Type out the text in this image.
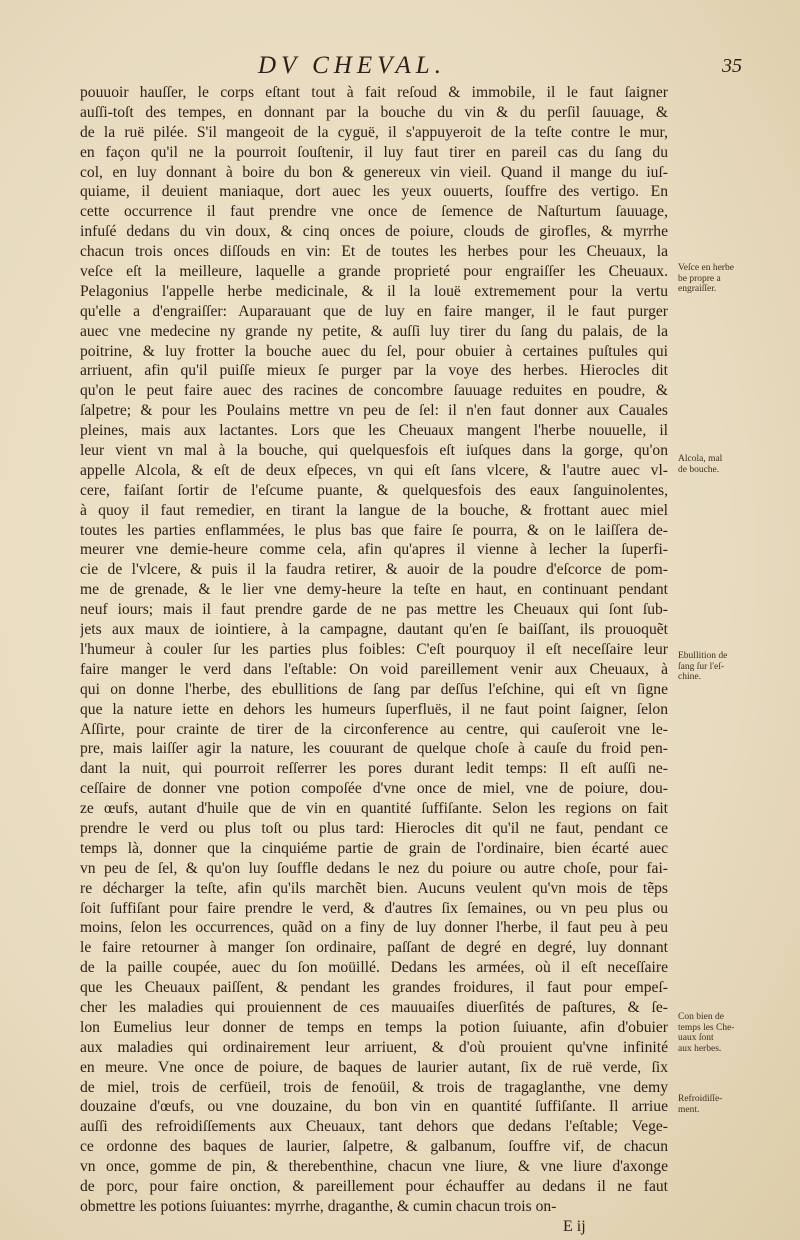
DV CHEVAL.	35
pouuoir hauſſer, le corps eſtant tout à fait reſoud & immobile, il le faut ſaigner
auſſi-toſt des tempes, en donnant par la bouche du vin & du perſil ſauuage, &
de la ruë pilée. S'il mangeoit de la cyguë, il s'appuyeroit de la teſte contre le mur,
en façon qu'il ne la pourroit ſouſtenir, il luy faut tirer en pareil cas du ſang du
col, en luy donnant à boire du bon & genereux vin vieil. Quand il mange du iuſ-
quiame, il deuient maniaque, dort auec les yeux ouuerts, ſouffre des vertigo. En
cette occurrence il faut prendre vne once de ſemence de Naſturtum ſauuage,
infuſé dedans du vin doux, & cinq onces de poiure, clouds de girofles, & myrrhe
chacun trois onces diſſouds en vin: Et de toutes les herbes pour les Cheuaux, la
veſce eſt la meilleure, laquelle a grande proprieté pour engraiſſer les Cheuaux.
Pelagonius l'appelle herbe medicinale, & il la louë extremement pour la vertu
qu'elle a d'engraiſſer: Auparauant que de luy en faire manger, il le faut purger
auec vne medecine ny grande ny petite, & auſſi luy tirer du ſang du palais, de la
poitrine, & luy frotter la bouche auec du ſel, pour obuier à certaines puſtules qui
arriuent, afin qu'il puiſſe mieux ſe purger par la voye des herbes. Hierocles dit
qu'on le peut faire auec des racines de concombre ſauuage reduites en poudre, &
ſalpetre; & pour les Poulains mettre vn peu de ſel: il n'en faut donner aux Cauales
pleines, mais aux lactantes. Lors que les Cheuaux mangent l'herbe nouuelle, il
leur vient vn mal à la bouche, qui quelquesfois eſt iuſques dans la gorge, qu'on
appelle Alcola, & eſt de deux eſpeces, vn qui eſt ſans vlcere, & l'autre auec vl-
cere, faiſant ſortir de l'eſcume puante, & quelquesfois des eaux ſanguinolentes,
à quoy il faut remedier, en tirant la langue de la bouche, & frottant auec miel
toutes les parties enflammées, le plus bas que faire ſe pourra, & on le laiſſera de-
meurer vne demie-heure comme cela, afin qu'apres il vienne à lecher la ſuperfi-
cie de l'vlcere, & puis il la faudra retirer, & auoir de la poudre d'eſcorce de pom-
me de grenade, & le lier vne demy-heure la teſte en haut, en continuant pendant
neuf iours; mais il faut prendre garde de ne pas mettre les Cheuaux qui ſont ſub-
jets aux maux de iointiere, à la campagne, dautant qu'en ſe baiſſant, ils prouoquẽt
l'humeur à couler ſur les parties plus foibles: C'eſt pourquoy il eſt neceſſaire leur
faire manger le verd dans l'eſtable: On void pareillement venir aux Cheuaux, à
qui on donne l'herbe, des ebullitions de ſang par deſſus l'eſchine, qui eſt vn ſigne
que la nature iette en dehors les humeurs ſuperfluës, il ne faut point ſaigner, ſelon
Aſſirte, pour crainte de tirer de la circonference au centre, qui cauſeroit vne le-
pre, mais laiſſer agir la nature, les couurant de quelque choſe à cauſe du froid pen-
dant la nuit, qui pourroit reſſerrer les pores durant ledit temps: Il eſt auſſi ne-
ceſſaire de donner vne potion compoſée d'vne once de miel, vne de poiure, dou-
ze œufs, autant d'huile que de vin en quantité ſuffiſante. Selon les regions on fait
prendre le verd ou plus toſt ou plus tard: Hierocles dit qu'il ne faut, pendant ce
temps là, donner que la cinquiéme partie de grain de l'ordinaire, bien écarté auec
vn peu de ſel, & qu'on luy ſouffle dedans le nez du poiure ou autre choſe, pour fai-
re décharger la teſte, afin qu'ils marchẽt bien. Aucuns veulent qu'vn mois de tẽps
ſoit ſuffiſant pour faire prendre le verd, & d'autres ſix ſemaines, ou vn peu plus ou
moins, ſelon les occurrences, quãd on a finy de luy donner l'herbe, il faut peu à peu
le faire retourner à manger ſon ordinaire, paſſant de degré en degré, luy donnant
de la paille coupée, auec du ſon moüillé. Dedans les armées, où il eſt neceſſaire
que les Cheuaux paiſſent, & pendant les grandes froidures, il faut pour empeſ-
cher les maladies qui prouiennent de ces mauuaiſes diuerſités de paſtures, & ſe-
lon Eumelius leur donner de temps en temps la potion ſuiuante, afin d'obuier
aux maladies qui ordinairement leur arriuent, & d'où prouient qu'vne infinité
en meure. Vne once de poiure, de baques de laurier autant, ſix de ruë verde, ſix
de miel, trois de cerfüeil, trois de fenoüil, & trois de tragaglanthe, vne demy
douzaine d'œufs, ou vne douzaine, du bon vin en quantité ſuffiſante. Il arriue
auſſi des refroidiſſements aux Cheuaux, tant dehors que dedans l'eſtable; Vege-
ce ordonne des baques de laurier, ſalpetre, & galbanum, ſouffre vif, de chacun
vn once, gomme de pin, & therebenthine, chacun vne liure, & vne liure d'axonge
de porc, pour faire onction, & pareillement pour échauffer au dedans il ne faut
obmettre les potions ſuiuantes: myrrhe, draganthe, & cumin chacun trois on-
Veſce en herbe
be propre a
engraiſſer.
Alcola, mal
de bouche.
Ebullition de
ſang ſur l'eſ-
chine.
Con bien de
temps les Che-
uaux ſont
aux herbes.
Refroidiſſe-
ment.
E ij
